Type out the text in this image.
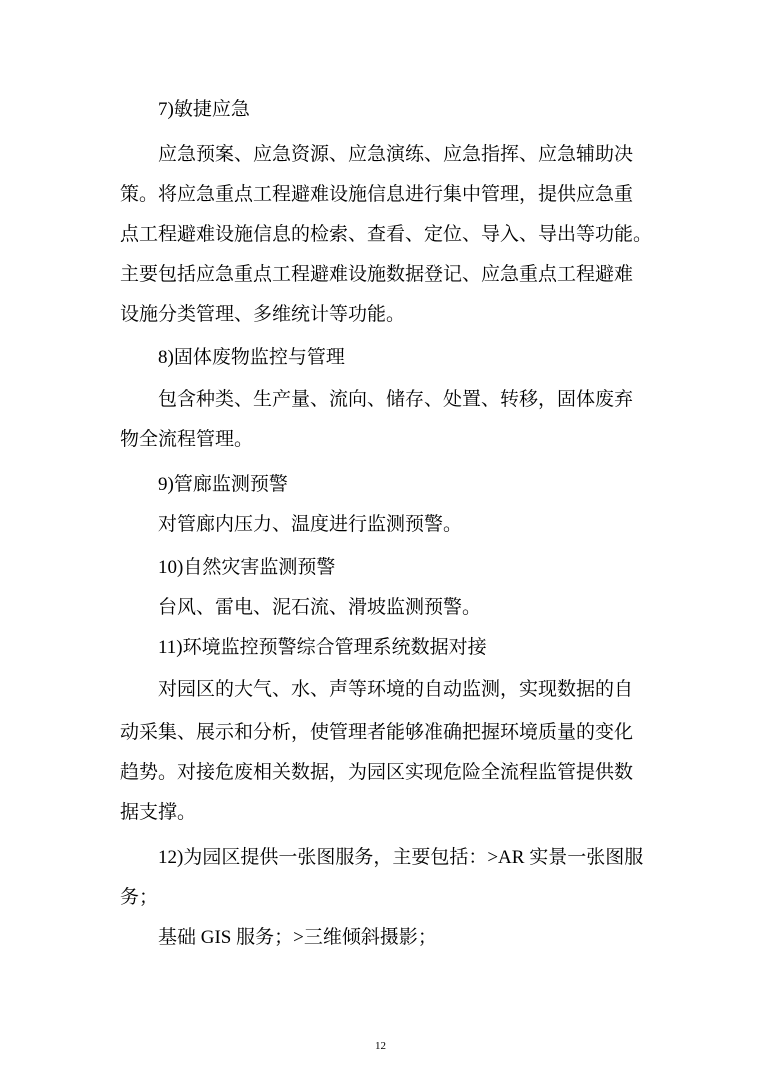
7)敏捷应急
应急预案、应急资源、应急演练、应急指挥、应急辅助决
策。将应急重点工程避难设施信息进行集中管理，提供应急重
点工程避难设施信息的检索、查看、定位、导入、导出等功能。
主要包括应急重点工程避难设施数据登记、应急重点工程避难
设施分类管理、多维统计等功能。
8)固体废物监控与管理
包含种类、生产量、流向、储存、处置、转移，固体废弃
物全流程管理。
9)管廊监测预警
对管廊内压力、温度进行监测预警。
10)自然灾害监测预警
台风、雷电、泥石流、滑坡监测预警。
11)环境监控预警综合管理系统数据对接
对园区的大气、水、声等环境的自动监测，实现数据的自
动采集、展示和分析，使管理者能够准确把握环境质量的变化
趋势。对接危废相关数据，为园区实现危险全流程监管提供数
据支撑。
12)为园区提供一张图服务，主要包括：>AR 实景一张图服
务；
基础 GIS 服务；>三维倾斜摄影；
12
